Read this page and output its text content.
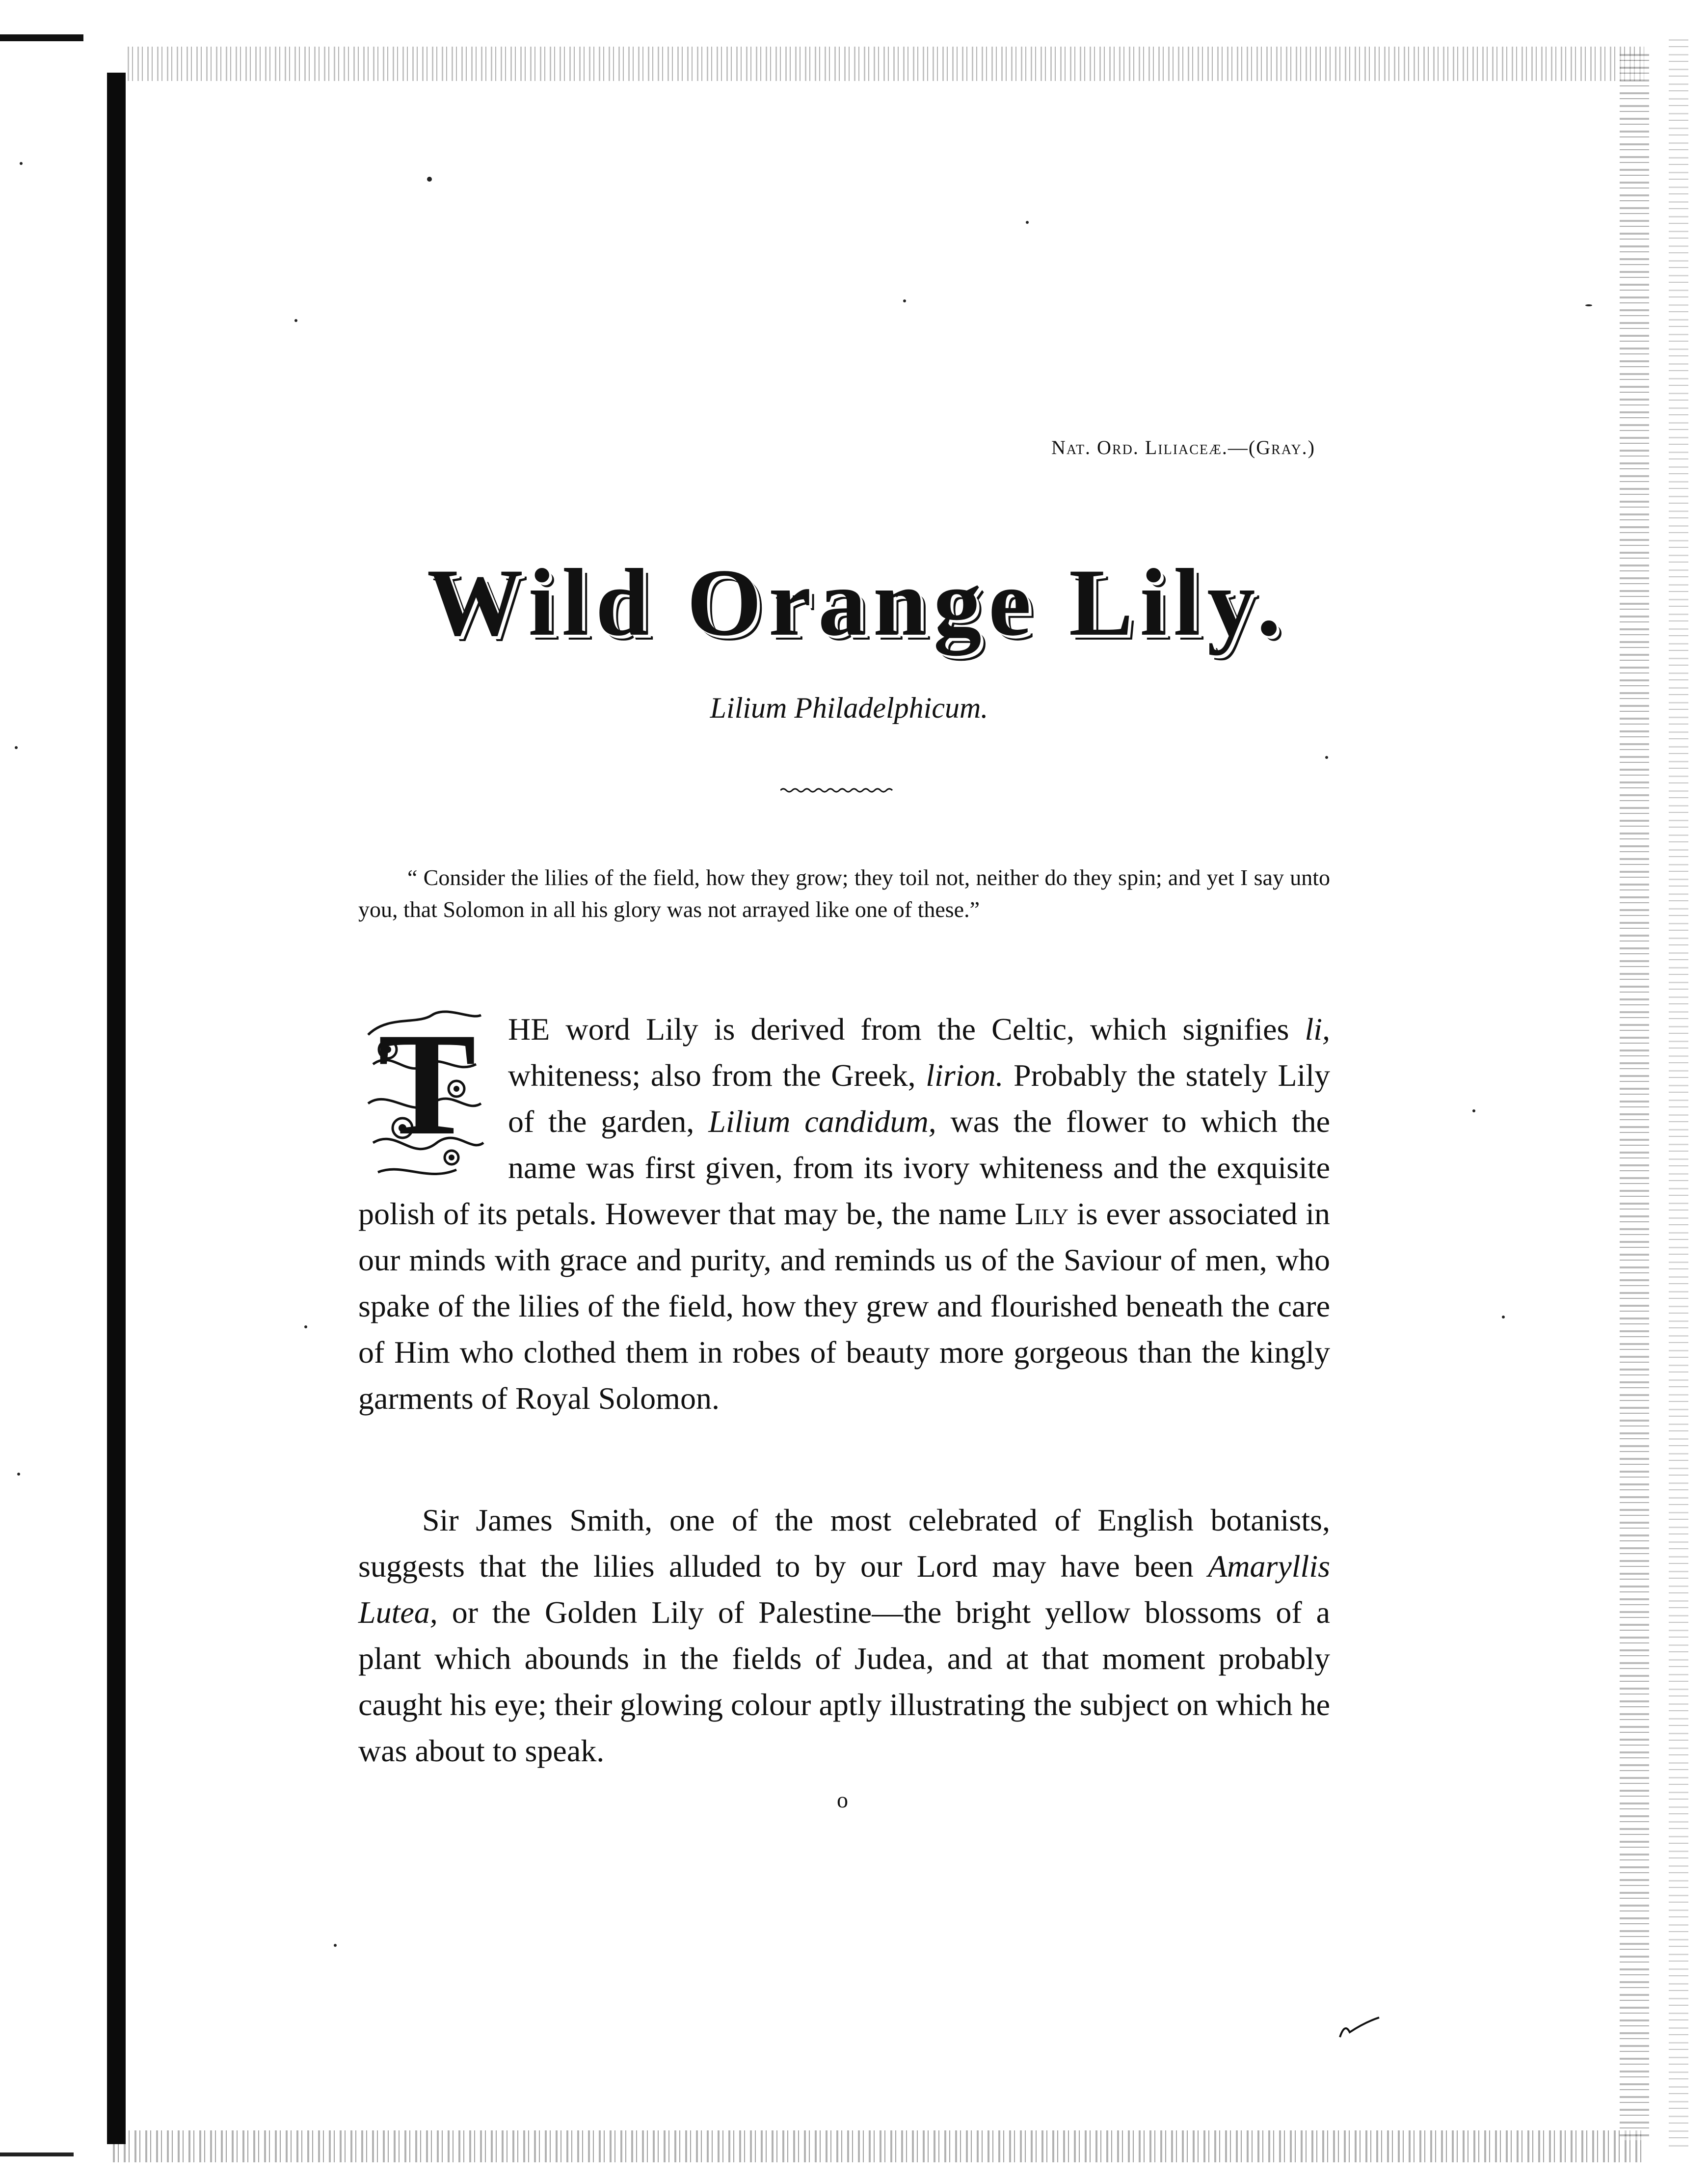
Nat. Ord. Liliaceæ.—(Gray.)
Wild Orange Lily.
Lilium Philadelphicum.
“ Consider the lilies of the field, how they grow; they toil not, neither do they spin; and yet I say unto you, that Solomon in all his glory was not arrayed like one of these.”
T HE word Lily is derived from the Celtic, which signifies li, whiteness; also from the Greek, lirion. Probably the stately Lily of the garden, Lilium candidum, was the flower to which the name was first given, from its ivory whiteness and the exquisite polish of its petals. However that may be, the name Lily is ever associated in our minds with grace and purity, and reminds us of the Saviour of men, who spake of the lilies of the field, how they grew and flourished beneath the care of Him who clothed them in robes of beauty more gorgeous than the kingly garments of Royal Solomon.
Sir James Smith, one of the most celebrated of English botanists, suggests that the lilies alluded to by our Lord may have been Amaryllis Lutea, or the Golden Lily of Palestine—the bright yellow blossoms of a plant which abounds in the fields of Judea, and at that moment probably caught his eye; their glowing colour aptly illustrating the subject on which he was about to speak.
o
